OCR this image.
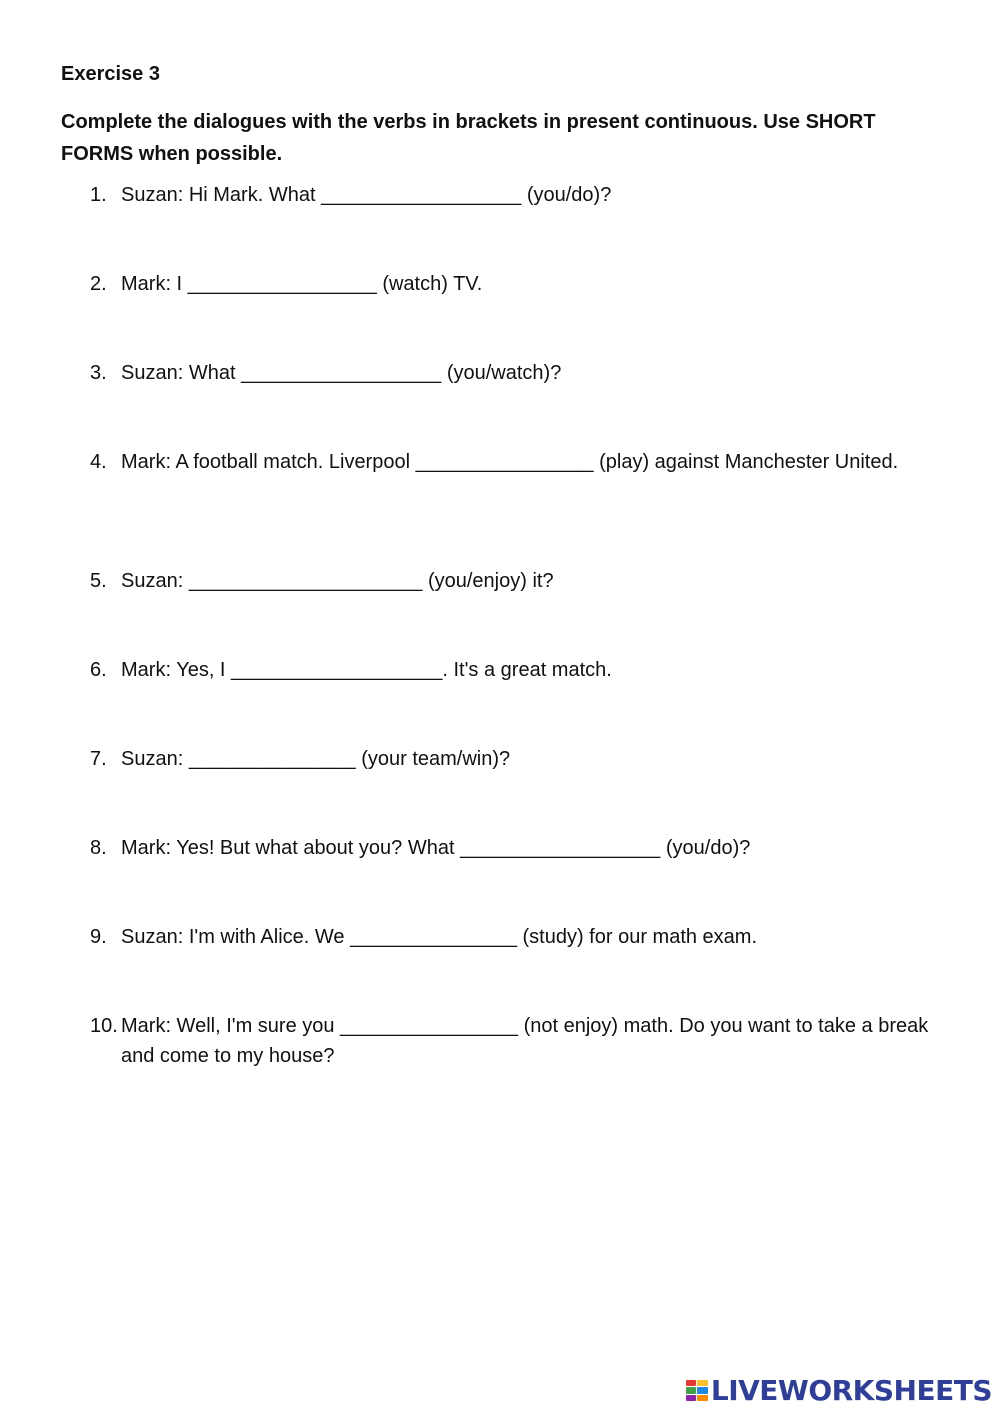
Exercise 3
Complete the dialogues with the verbs in brackets in present continuous. Use SHORT FORMS when possible.
1. Suzan: Hi Mark. What __________________ (you/do)?
2. Mark: I _________________ (watch) TV.
3. Suzan: What __________________ (you/watch)?
4. Mark: A football match. Liverpool ________________ (play) against Manchester United.
5. Suzan: _____________________ (you/enjoy) it?
6. Mark: Yes, I ___________________. It's a great match.
7. Suzan: _______________ (your team/win)?
8. Mark: Yes! But what about you? What __________________ (you/do)?
9. Suzan: I'm with Alice. We _______________ (study) for our math exam.
10. Mark: Well, I'm sure you ________________ (not enjoy) math. Do you want to take a break and come to my house?
LIVEWORKSHEETS
